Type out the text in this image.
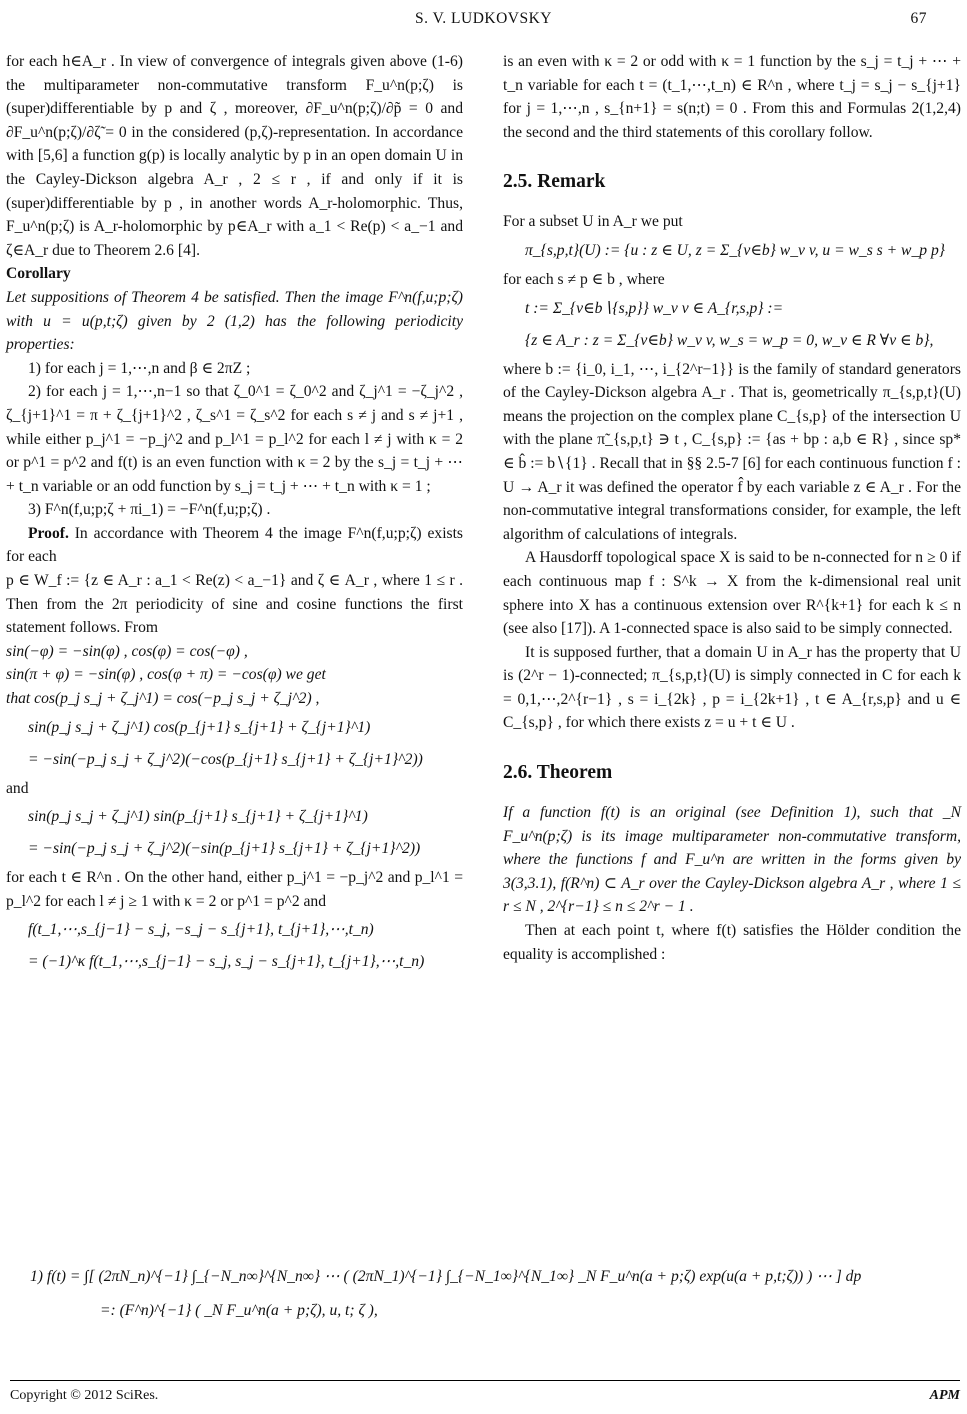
S. V. LUDKOVSKY	67

for each h∈A_r . In view of convergence of integrals given above (1-6) the multiparameter non-commutative transform F_u^n(p;ζ) is (super)differentiable by p and ζ , moreover, ∂F_u^n(p;ζ)/∂p̃ = 0 and ∂F_u^n(p;ζ)/∂ζ̃ = 0 in the considered (p,ζ)-representation. In accordance with [5,6] a function g(p) is locally analytic by p in an open domain U in the Cayley-Dickson algebra A_r , 2 ≤ r , if and only if it is (super)differentiable by p , in another words A_r-holomorphic. Thus, F_u^n(p;ζ) is A_r-holomorphic by p∈A_r with a_1 < Re(p) < a_−1 and ζ∈A_r due to Theorem 2.6 [4].

Corollary

Let suppositions of Theorem 4 be satisfied. Then the image F^n(f,u;p;ζ) with u = u(p,t;ζ) given by 2 (1,2) has the following periodicity properties:

1) for each j = 1,⋯,n and β ∈ 2πZ ;

2) for each j = 1,⋯,n−1 so that ζ_0^1 = ζ_0^2 and ζ_j^1 = −ζ_j^2 , ζ_{j+1}^1 = π + ζ_{j+1}^2 , ζ_s^1 = ζ_s^2 for each s ≠ j and s ≠ j+1 , while either p_j^1 = −p_j^2 and p_l^1 = p_l^2 for each l ≠ j with κ = 2 or p^1 = p^2 and f(t) is an even function with κ = 2 by the s_j = t_j + ⋯ + t_n variable or an odd function by s_j = t_j + ⋯ + t_n with κ = 1 ;

3) F^n(f,u;p;ζ + πi_1) = −F^n(f,u;p;ζ) .

Proof. In accordance with Theorem 4 the image F^n(f,u;p;ζ) exists for each

p ∈ W_f := {z ∈ A_r : a_1 < Re(z) < a_−1} and ζ ∈ A_r , where 1 ≤ r . Then from the 2π periodicity of sine and cosine functions the first statement follows. From

sin(−φ) = −sin(φ) , cos(φ) = cos(−φ) ,

sin(π + φ) = −sin(φ) , cos(φ + π) = −cos(φ) we get

that cos(p_j s_j + ζ_j^1) = cos(−p_j s_j + ζ_j^2) ,

sin(p_j s_j + ζ_j^1) cos(p_{j+1} s_{j+1} + ζ_{j+1}^1)
= −sin(−p_j s_j + ζ_j^2)(−cos(p_{j+1} s_{j+1} + ζ_{j+1}^2))

and

sin(p_j s_j + ζ_j^1) sin(p_{j+1} s_{j+1} + ζ_{j+1}^1)
= −sin(−p_j s_j + ζ_j^2)(−sin(p_{j+1} s_{j+1} + ζ_{j+1}^2))

for each t ∈ R^n . On the other hand, either p_j^1 = −p_j^2 and p_l^1 = p_l^2 for each l ≠ j ≥ 1 with κ = 2 or p^1 = p^2 and

f(t_1,⋯,s_{j−1} − s_j, −s_j − s_{j+1}, t_{j+1},⋯,t_n)
= (−1)^κ f(t_1,⋯,s_{j−1} − s_j, s_j − s_{j+1}, t_{j+1},⋯,t_n)

is an even with κ = 2 or odd with κ = 1 function by the s_j = t_j + ⋯ + t_n variable for each t = (t_1,⋯,t_n) ∈ R^n , where t_j = s_j − s_{j+1} for j = 1,⋯,n , s_{n+1} = s(n;t) = 0 . From this and Formulas 2(1,2,4) the second and the third statements of this corollary follow.

2.5. Remark

For a subset U in A_r we put

π_{s,p,t}(U) := {u : z ∈ U, z = Σ_{v∈b} w_v v, u = w_s s + w_p p}

for each s ≠ p ∈ b , where

t := Σ_{v∈b∖{s,p}} w_v v ∈ A_{r,s,p} :=
{z ∈ A_r : z = Σ_{v∈b} w_v v, w_s = w_p = 0, w_v ∈ R ∀v ∈ b},

where b := {i_0, i_1, ⋯, i_{2^r−1}} is the family of standard generators of the Cayley-Dickson algebra A_r . That is, geometrically π_{s,p,t}(U) means the projection on the complex plane C_{s,p} of the intersection U with the plane π̃_{s,p,t} ∋ t , C_{s,p} := {as + bp : a,b ∈ R} , since sp* ∈ b̂ := b∖{1} . Recall that in §§ 2.5-7 [6] for each continuous function f : U → A_r it was defined the operator f̂ by each variable z ∈ A_r . For the non-commutative integral transformations consider, for example, the left algorithm of calculations of integrals.

A Hausdorff topological space X is said to be n-connected for n ≥ 0 if each continuous map f : S^k → X from the k-dimensional real unit sphere into X has a continuous extension over R^{k+1} for each k ≤ n (see also [17]). A 1-connected space is also said to be simply connected.

It is supposed further, that a domain U in A_r has the property that U is (2^r − 1)-connected; π_{s,p,t}(U) is simply connected in C for each k = 0,1,⋯,2^{r−1} , s = i_{2k} , p = i_{2k+1} , t ∈ A_{r,s,p} and u ∈ C_{s,p} , for which there exists z = u + t ∈ U .

2.6. Theorem

If a function f(t) is an original (see Definition 1), such that _N F_u^n(p;ζ) is its image multiparameter non-commutative transform, where the functions f and F_u^n are written in the forms given by 3(3,3.1), f(R^n) ⊂ A_r over the Cayley-Dickson algebra A_r , where 1 ≤ r ≤ N , 2^{r−1} ≤ n ≤ 2^r − 1 .

Then at each point t, where f(t) satisfies the Hölder condition the equality is accomplished :

1) f(t) = ∫[ (2πN_n)^{−1} ∫_{−N_n∞}^{N_n∞} ⋯ ( (2πN_1)^{−1} ∫_{−N_1∞}^{N_1∞} _N F_u^n(a + p;ζ) exp(u(a + p,t;ζ)) ) ⋯ ] dp
=: (F^n)^{−1} ( _N F_u^n(a + p;ζ), u, t; ζ ),
Copyright © 2012 SciRes.	APM
